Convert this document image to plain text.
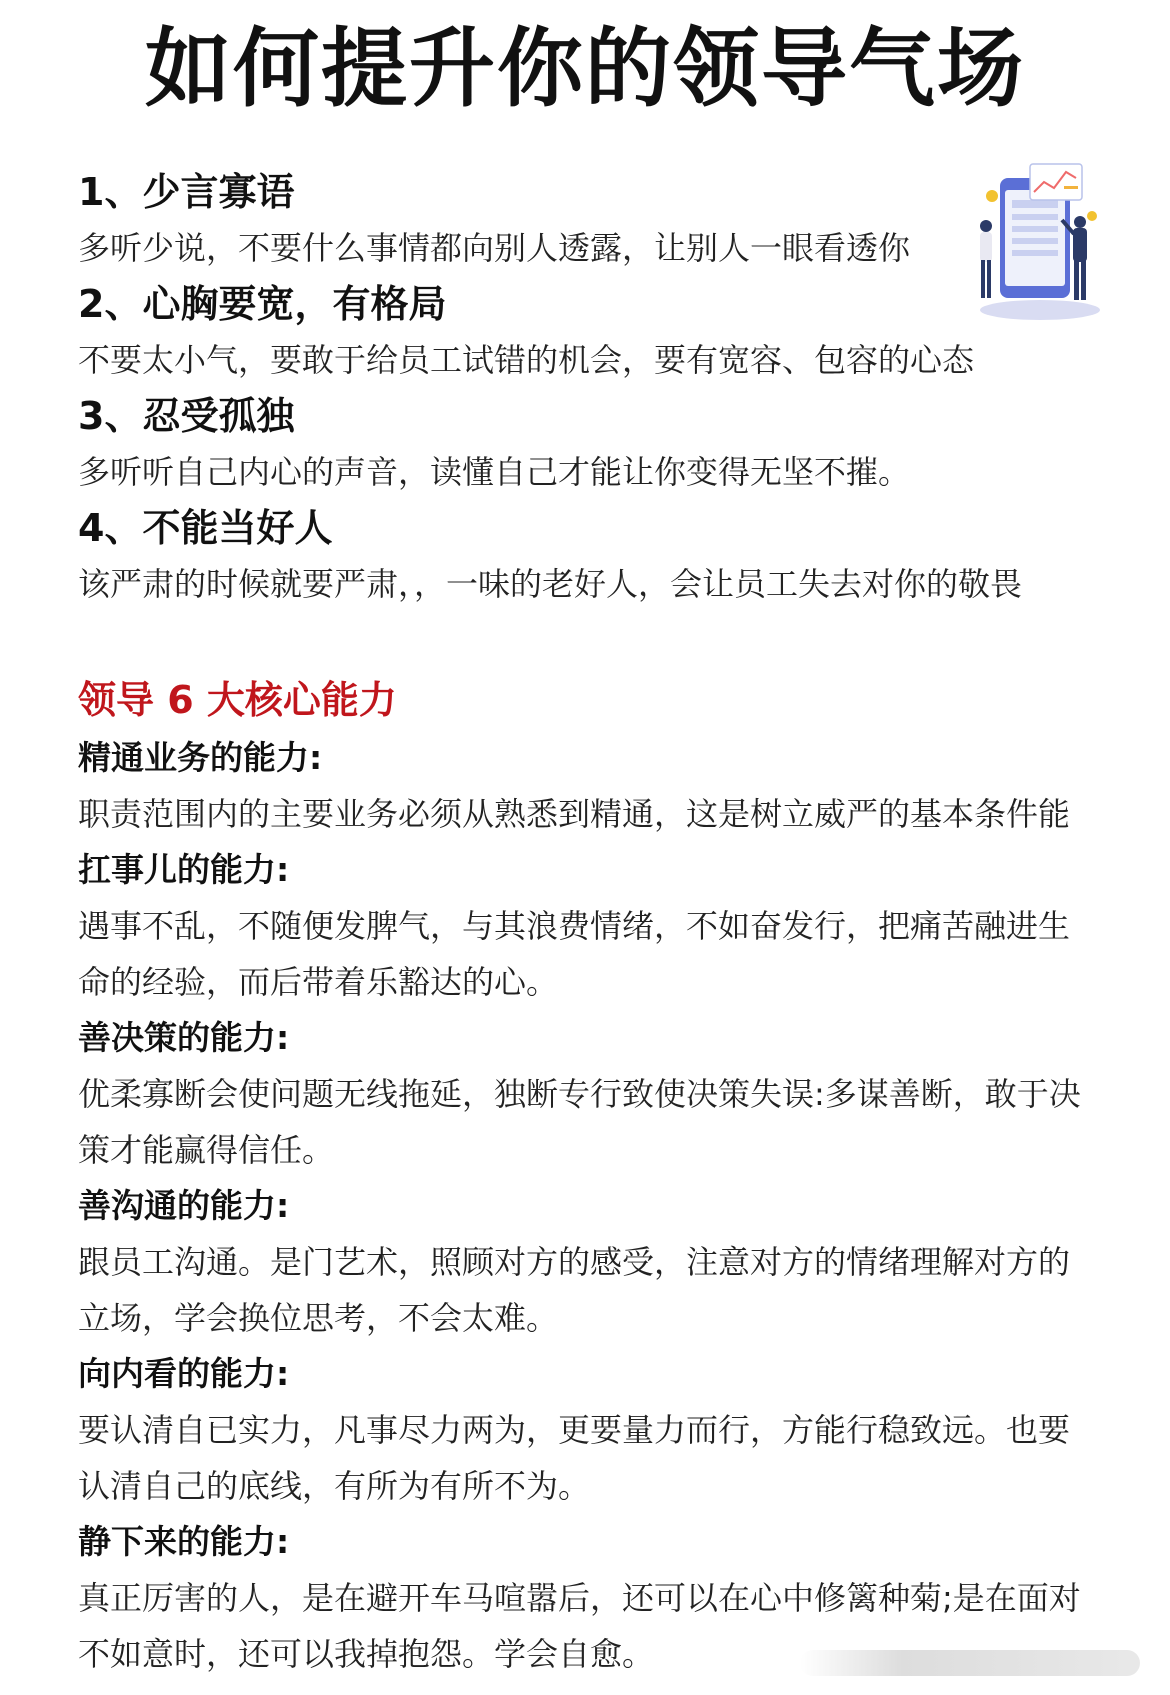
如何提升你的领导气场
1、少言寡语
多听少说，不要什么事情都向别人透露，让别人一眼看透你
2、心胸要宽，有格局
不要太小气，要敢于给员工试错的机会，要有宽容、包容的心态
3、忍受孤独
多听听自己内心的声音，读懂自己才能让你变得无坚不摧。
4、不能当好人
该严肃的时候就要严肃，，一味的老好人，会让员工失去对你的敬畏
领导 6 大核心能力
精通业务的能力:
职责范围内的主要业务必须从熟悉到精通，这是树立威严的基本条件能
扛事儿的能力:
遇事不乱，不随便发脾气，与其浪费情绪，不如奋发行，把痛苦融进生
命的经验，而后带着乐豁达的心。
善决策的能力:
优柔寡断会使问题无线拖延，独断专行致使决策失误:多谋善断，敢于决
策才能赢得信任。
善沟通的能力:
跟员工沟通。是门艺术，照顾对方的感受，注意对方的情绪理解对方的
立场，学会换位思考，不会太难。
向内看的能力:
要认清自已实力，凡事尽力两为，更要量力而行，方能行稳致远。也要
认清自己的底线，有所为有所不为。
静下来的能力:
真正厉害的人，是在避开车马喧嚣后，还可以在心中修篱种菊;是在面对
不如意时，还可以我掉抱怨。学会自愈。
